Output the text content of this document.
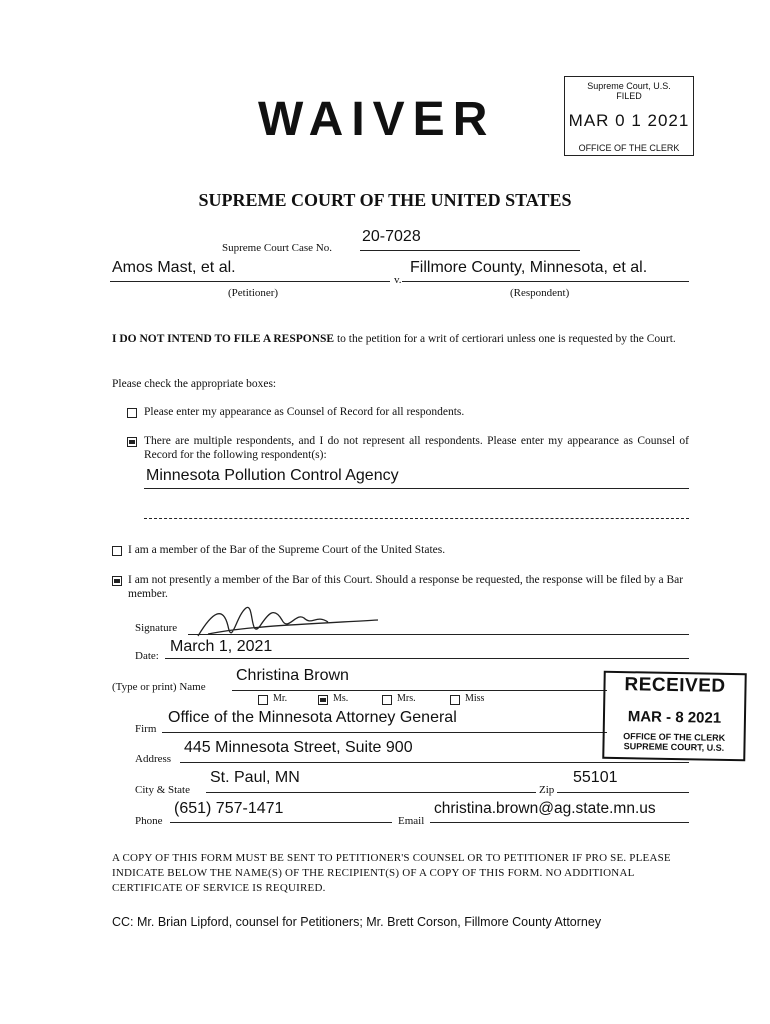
WAIVER
Supreme Court, U.S.
FILED
MAR 0 1 2021
OFFICE OF THE CLERK
SUPREME COURT OF THE UNITED STATES
Supreme Court Case No.
20-7028
Amos Mast, et al.
v.
Fillmore County, Minnesota, et al.
(Petitioner)	(Respondent)
I DO NOT INTEND TO FILE A RESPONSE to the petition for a writ of certiorari unless one is requested by the Court.
Please check the appropriate boxes:
Please enter my appearance as Counsel of Record for all respondents.
There are multiple respondents, and I do not represent all respondents. Please enter my appearance as Counsel of Record for the following respondent(s):
Minnesota Pollution Control Agency
I am a member of the Bar of the Supreme Court of the United States.
I am not presently a member of the Bar of this Court. Should a response be requested, the response will be filed by a Bar member.
Signature
Date:
March 1, 2021
(Type or print) Name
Christina Brown
Mr.	Ms.	Mrs.	Miss
Firm
Office of the Minnesota Attorney General
Address
445 Minnesota Street, Suite 900
City & State
St. Paul, MN
Zip
55101
Phone
(651) 757-1471
Email
christina.brown@ag.state.mn.us
RECEIVED
MAR - 8 2021
OFFICE OF THE CLERK
SUPREME COURT, U.S.
A COPY OF THIS FORM MUST BE SENT TO PETITIONER'S COUNSEL OR TO PETITIONER IF PRO SE. PLEASE INDICATE BELOW THE NAME(S) OF THE RECIPIENT(S) OF A COPY OF THIS FORM. NO ADDITIONAL CERTIFICATE OF SERVICE IS REQUIRED.
CC: Mr. Brian Lipford, counsel for Petitioners; Mr. Brett Corson, Fillmore County Attorney
